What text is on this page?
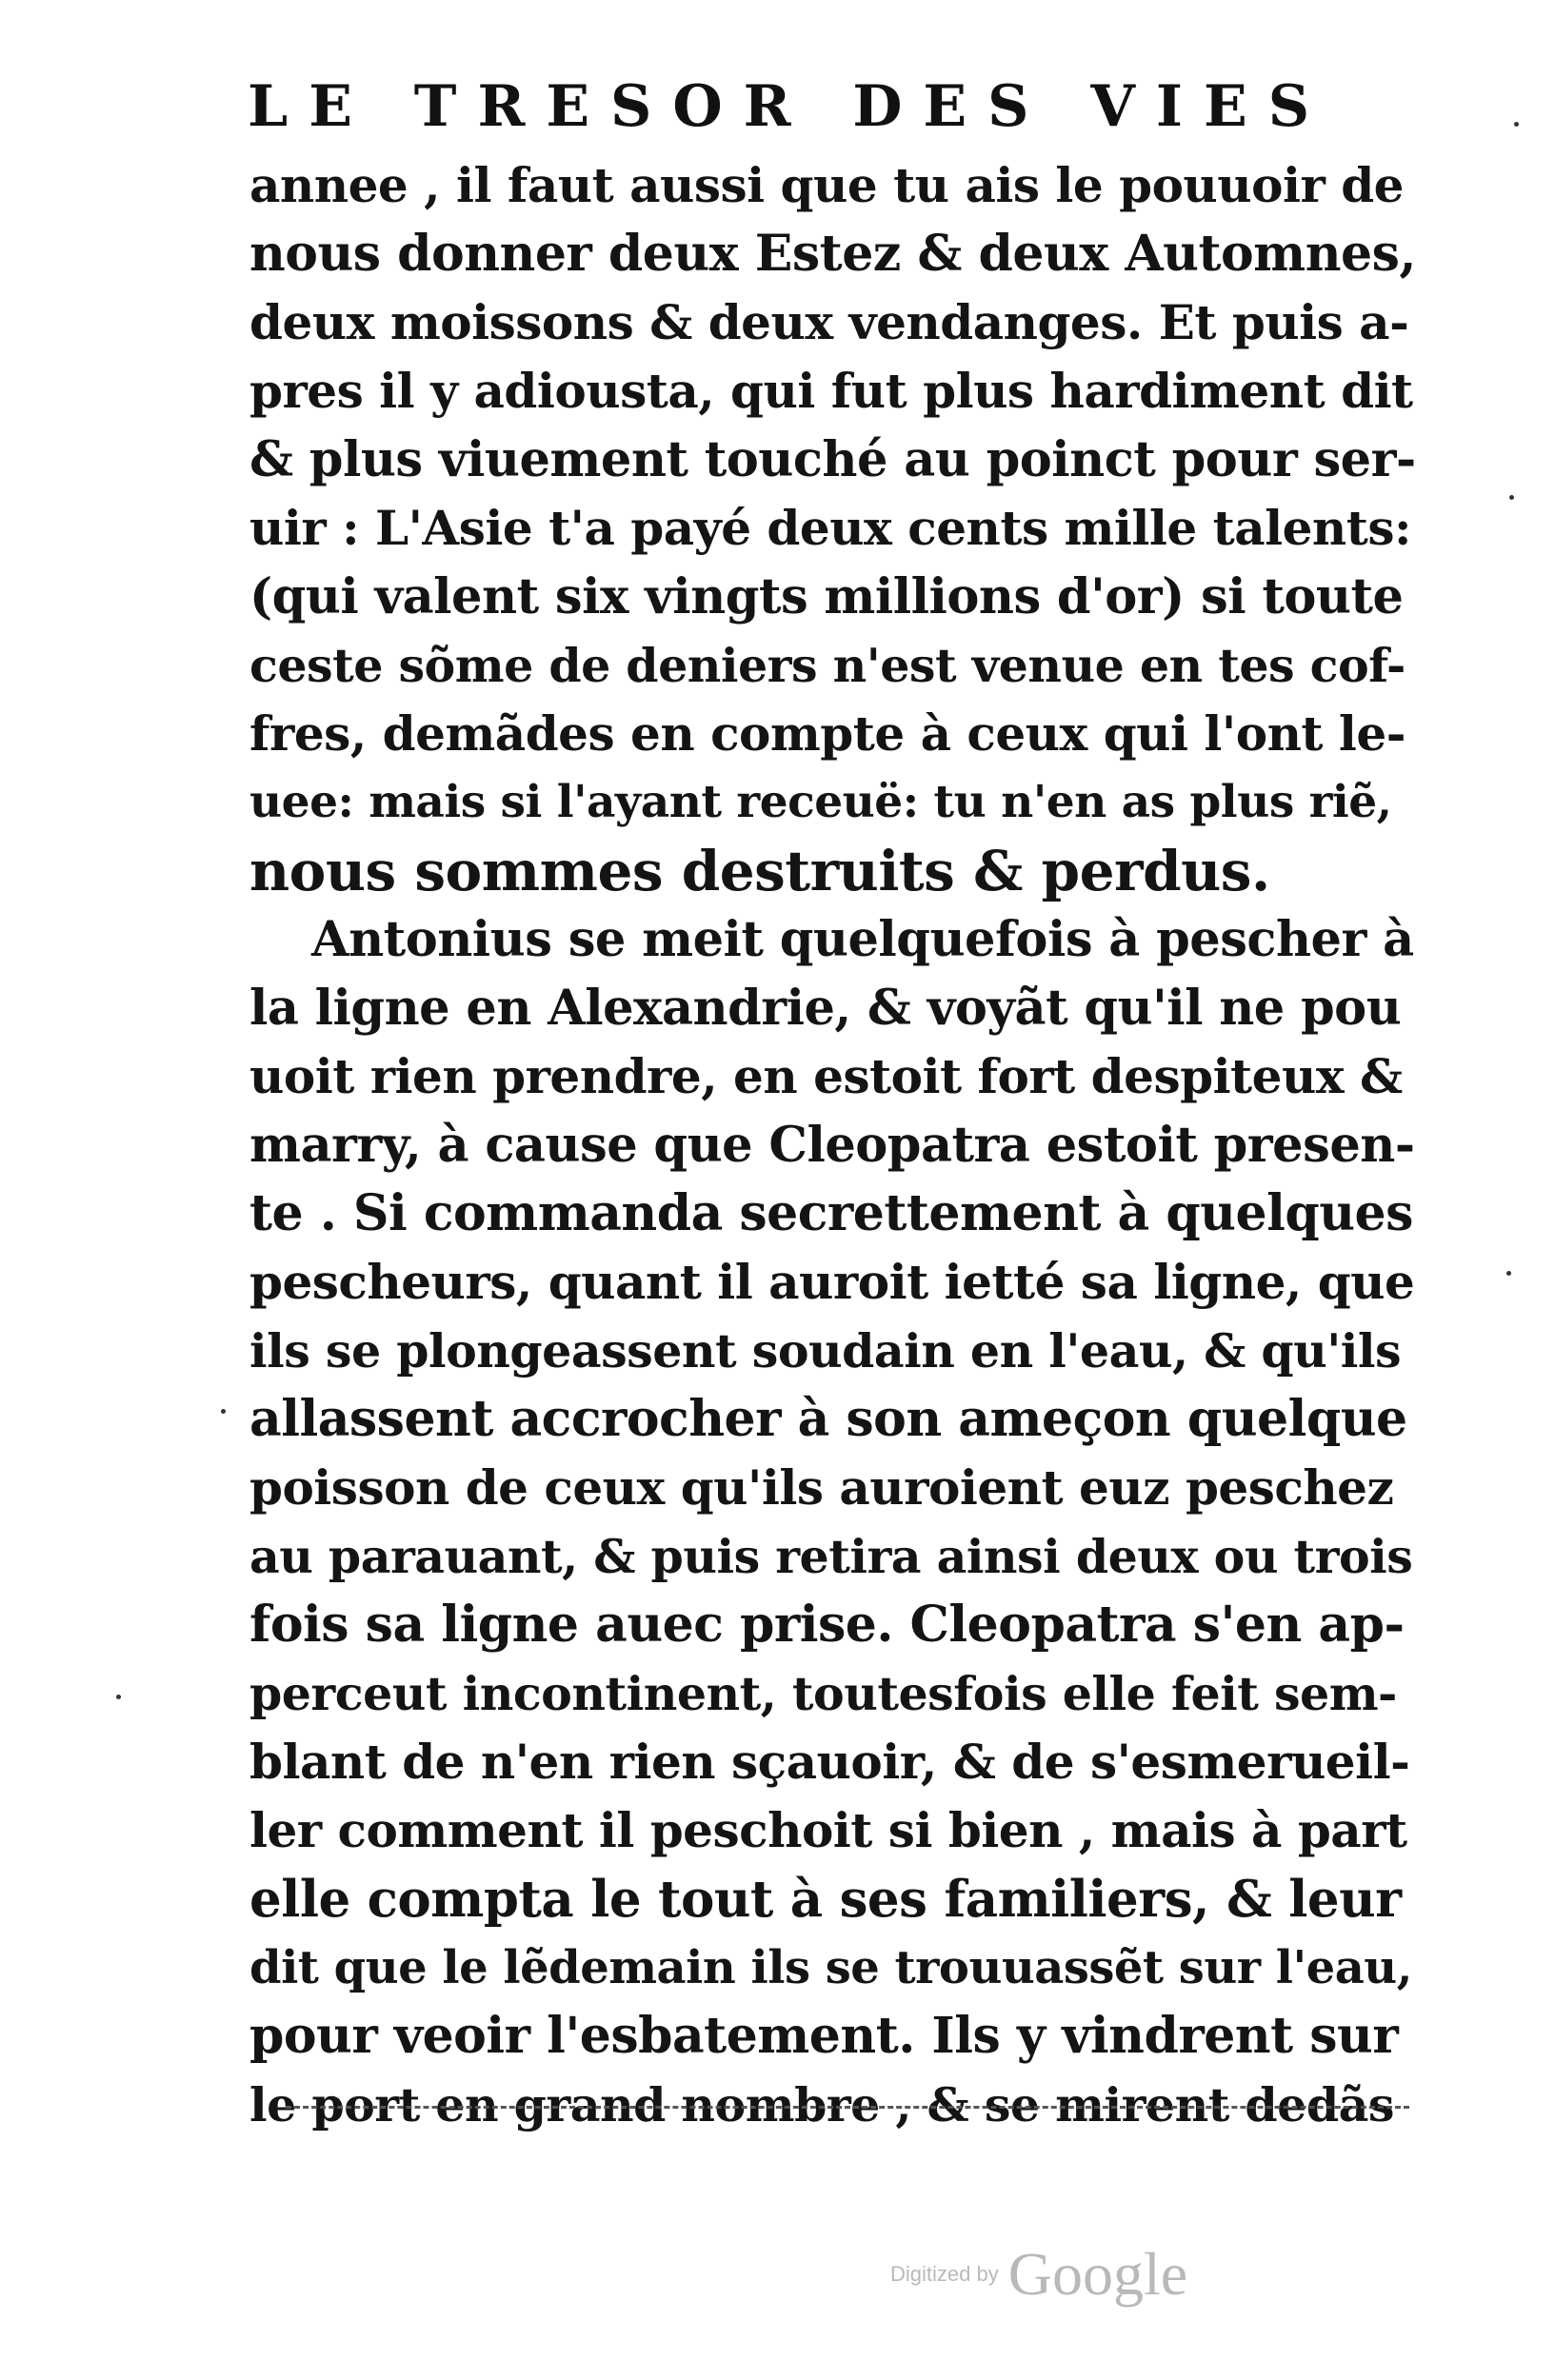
LE TRESOR DES VIES
annee , il faut aussi que tu ais le pouuoir de
nous donner deux Estez & deux Automnes,
deux moissons & deux vendanges. Et puis a-
pres il y adiousta, qui fut plus hardiment dit
& plus viuement touché au poinct pour ser-
uir : L'Asie t'a payé deux cents mille talents:
(qui valent six vingts millions d'or) si toute
ceste sõme de deniers n'est venue en tes cof-
fres, demãdes en compte à ceux qui l'ont le-
uee: mais si l'ayant receuë: tu n'en as plus riẽ,
nous sommes destruits & perdus.
Antonius se meit quelquefois à pescher à
la ligne en Alexandrie, & voyãt qu'il ne pou
uoit rien prendre, en estoit fort despiteux &
marry, à cause que Cleopatra estoit presen-
te . Si commanda secrettement à quelques
pescheurs, quant il auroit ietté sa ligne, que
ils se plongeassent soudain en l'eau, & qu'ils
allassent accrocher à son ameçon quelque
poisson de ceux qu'ils auroient euz peschez
au parauant, & puis retira ainsi deux ou trois
fois sa ligne auec prise. Cleopatra s'en ap-
perceut incontinent, toutesfois elle feit sem-
blant de n'en rien sçauoir, & de s'esmerueil-
ler comment il peschoit si bien , mais à part
elle compta le tout à ses familiers, & leur
dit que le lẽdemain ils se trouuassẽt sur l'eau,
pour veoir l'esbatement. Ils y vindrent sur
le port en grand nombre , & se mirent dedãs
Digitized by Google
